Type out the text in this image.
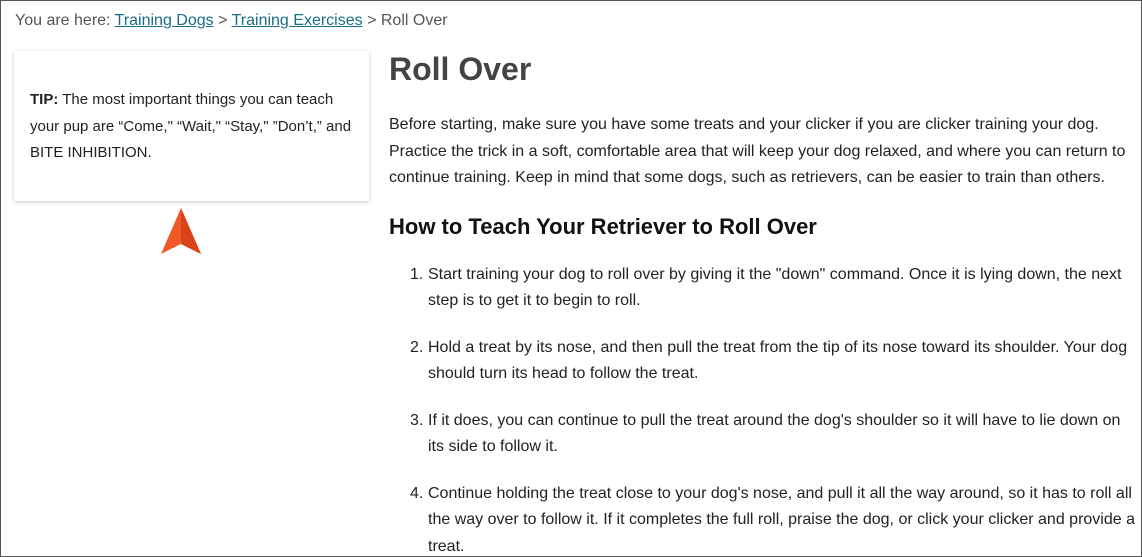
You are here: Training Dogs > Training Exercises > Roll Over
TIP: The most important things you can teach your pup are “Come," “Wait," “Stay," ”Don’t,” and BITE INHIBITION.
Roll Over

Before starting, make sure you have some treats and your clicker if you are clicker training your dog. Practice the trick in a soft, comfortable area that will keep your dog relaxed, and where you can return to continue training. Keep in mind that some dogs, such as retrievers, can be easier to train than others.

How to Teach Your Retriever to Roll Over
1. Start training your dog to roll over by giving it the "down" command. Once it is lying down, the next step is to get it to begin to roll.
2. Hold a treat by its nose, and then pull the treat from the tip of its nose toward its shoulder. Your dog should turn its head to follow the treat.
3. If it does, you can continue to pull the treat around the dog's shoulder so it will have to lie down on its side to follow it.
4. Continue holding the treat close to your dog's nose, and pull it all the way around, so it has to roll all the way over to follow it. If it completes the full roll, praise the dog, or click your clicker and provide a treat.
